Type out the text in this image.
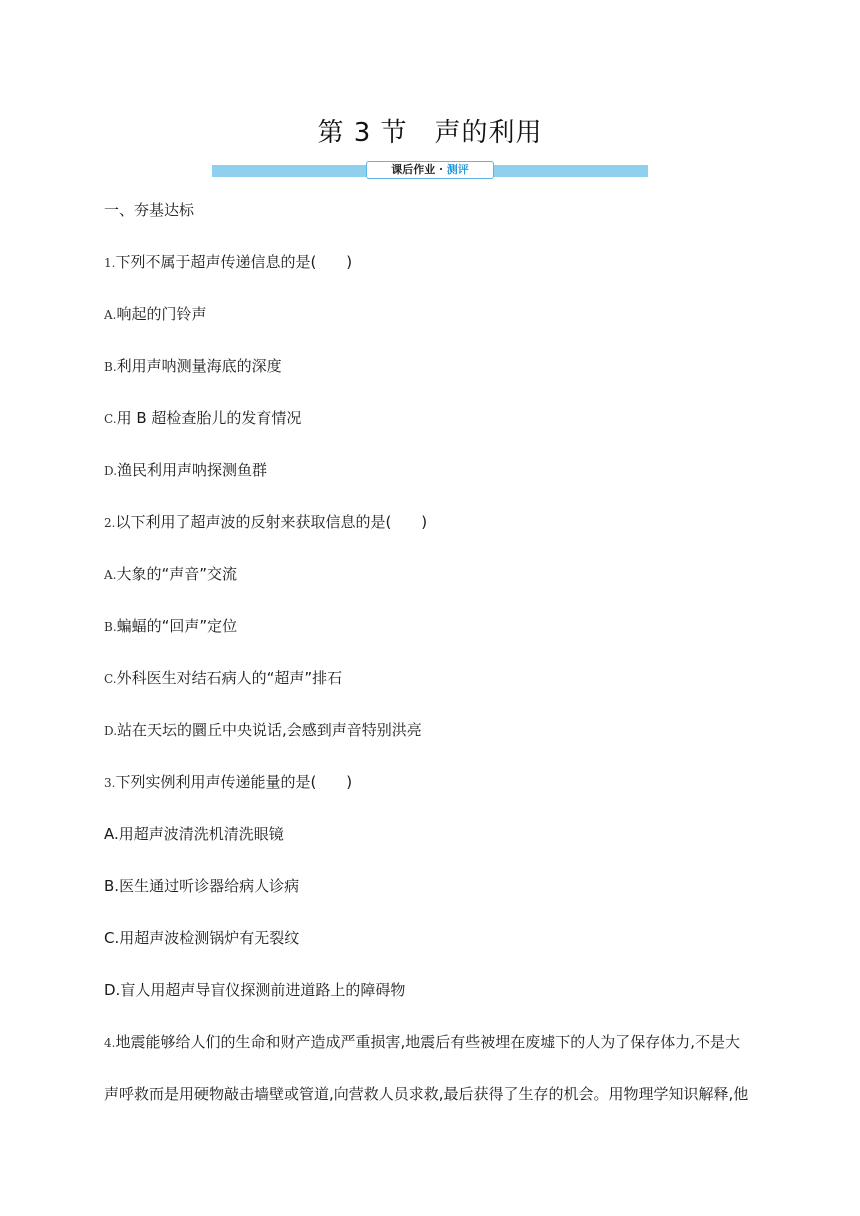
第 3 节　声的利用
课后作业 · 测评
一、夯基达标
1.下列不属于超声传递信息的是(　　)
A.响起的门铃声
B.利用声呐测量海底的深度
C.用 B 超检查胎儿的发育情况
D.渔民利用声呐探测鱼群
2.以下利用了超声波的反射来获取信息的是(　　)
A.大象的“声音”交流
B.蝙蝠的“回声”定位
C.外科医生对结石病人的“超声”排石
D.站在天坛的圜丘中央说话,会感到声音特别洪亮
3.下列实例利用声传递能量的是(　　)
A.用超声波清洗机清洗眼镜
B.医生通过听诊器给病人诊病
C.用超声波检测锅炉有无裂纹
D.盲人用超声导盲仪探测前进道路上的障碍物
4.地震能够给人们的生命和财产造成严重损害,地震后有些被埋在废墟下的人为了保存体力,不是大
声呼救而是用硬物敲击墙壁或管道,向营救人员求救,最后获得了生存的机会。用物理学知识解释,他
